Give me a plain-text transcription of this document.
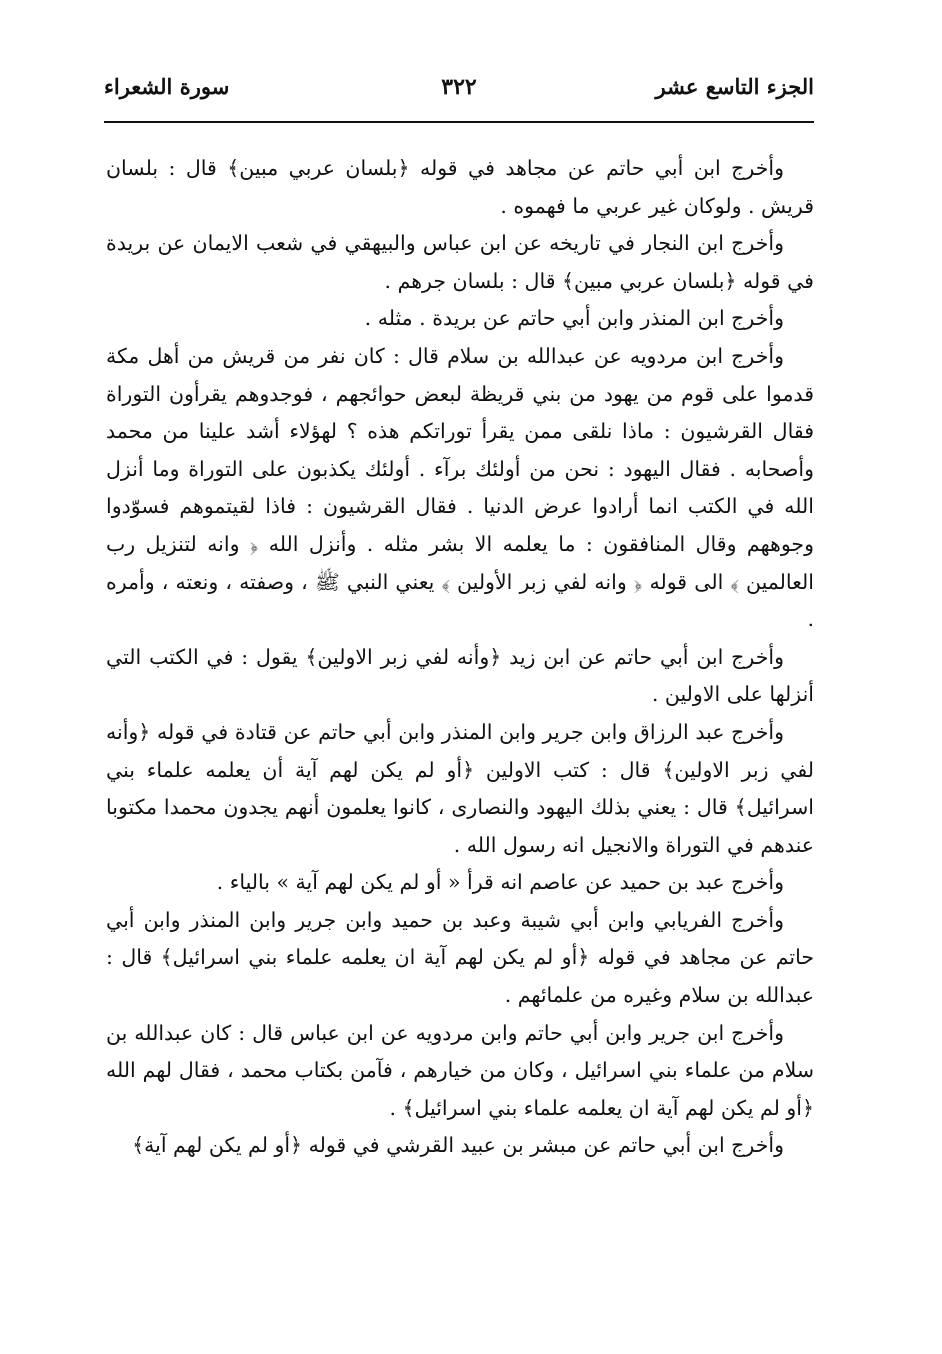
الجزء التاسع عشر
٣٢٢
سورة الشعراء

وأخرج ابن أبي حاتم عن مجاهد في قوله ﴿بلسان عربي مبين﴾ قال : بلسان قريش . ولوكان غير عربي ما فهموه .

وأخرج ابن النجار في تاريخه عن ابن عباس والبيهقي في شعب الايمان عن بريدة في قوله ﴿بلسان عربي مبين﴾ قال : بلسان جرهم .

وأخرج ابن المنذر وابن أبي حاتم عن بريدة . مثله .

وأخرج ابن مردويه عن عبدالله بن سلام قال : كان نفر من قريش من أهل مكة قدموا على قوم من يهود من بني قريظة لبعض حوائجهم ، فوجدوهم يقرأون التوراة فقال القرشيون : ماذا نلقى ممن يقرأ توراتكم هذه ؟ لهؤلاء أشد علينا من محمد وأصحابه . فقال اليهود : نحن من أولئك برآء . أولئك يكذبون على التوراة وما أنزل الله في الكتب انما أرادوا عرض الدنيا . فقال القرشيون : فاذا لقيتموهم فسوّدوا وجوههم وقال المنافقون : ما يعلمه الا بشر مثله . وأنزل الله ﴿ وانه لتنزيل رب العالمين ﴾ الى قوله ﴿ وانه لفي زبر الأولين ﴾ يعني النبي ﷺ ، وصفته ، ونعته ، وأمره .

وأخرج ابن أبي حاتم عن ابن زيد ﴿وأنه لفي زبر الاولين﴾ يقول : في الكتب التي أنزلها على الاولين .

وأخرج عبد الرزاق وابن جرير وابن المنذر وابن أبي حاتم عن قتادة في قوله ﴿وأنه لفي زبر الاولين﴾ قال : كتب الاولين ﴿أو لم يكن لهم آية أن يعلمه علماء بني اسرائيل﴾ قال : يعني بذلك اليهود والنصارى ، كانوا يعلمون أنهم يجدون محمدا مكتوبا عندهم في التوراة والانجيل انه رسول الله .

وأخرج عبد بن حميد عن عاصم انه قرأ « أو لم يكن لهم آية » بالياء .

وأخرج الفريابي وابن أبي شيبة وعبد بن حميد وابن جرير وابن المنذر وابن أبي حاتم عن مجاهد في قوله ﴿أو لم يكن لهم آية ان يعلمه علماء بني اسرائيل﴾ قال : عبدالله بن سلام وغيره من علمائهم .

وأخرج ابن جرير وابن أبي حاتم وابن مردويه عن ابن عباس قال : كان عبدالله بن سلام من علماء بني اسرائيل ، وكان من خيارهم ، فآمن بكتاب محمد ، فقال لهم الله ﴿أو لم يكن لهم آية ان يعلمه علماء بني اسرائيل﴾ .

وأخرج ابن أبي حاتم عن مبشر بن عبيد القرشي في قوله ﴿أو لم يكن لهم آية﴾
